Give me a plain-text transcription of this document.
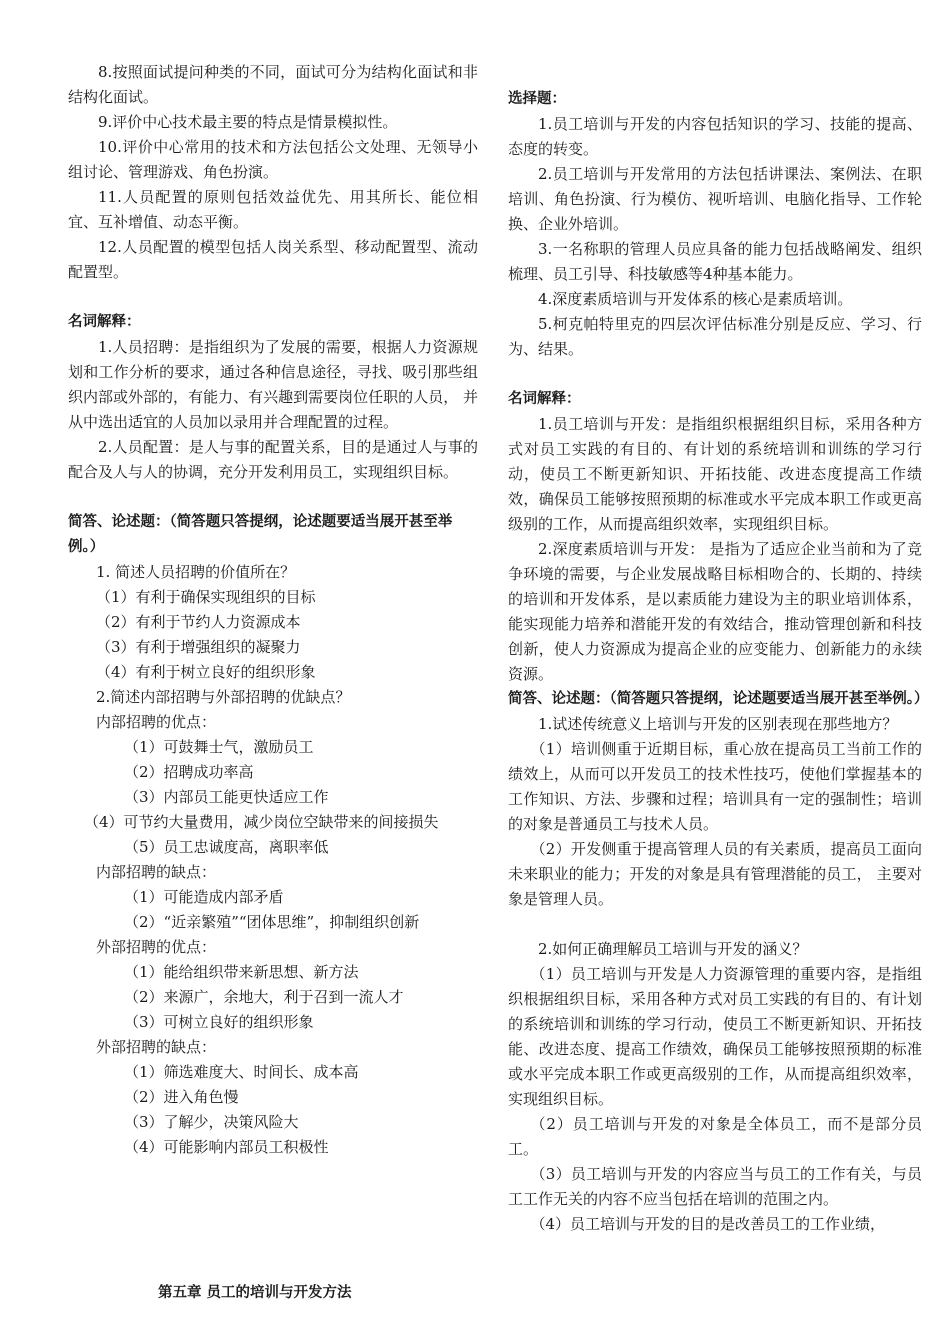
8.按照面试提问种类的不同，面试可分为结构化面试和非结构化面试。

9.评价中心技术最主要的特点是情景模拟性。

10.评价中心常用的技术和方法包括公文处理、无领导小组讨论、管理游戏、角色扮演。

11.人员配置的原则包括效益优先、用其所长、能位相宜、互补增值、动态平衡。

12.人员配置的模型包括人岗关系型、移动配置型、流动配置型。

名词解释：

1.人员招聘：是指组织为了发展的需要，根据人力资源规划和工作分析的要求，通过各种信息途径，寻找、吸引那些组织内部或外部的，有能力、有兴趣到需要岗位任职的人员， 并从中选出适宜的人员加以录用并合理配置的过程。

2.人员配置：是人与事的配置关系，目的是通过人与事的配合及人与人的协调，充分开发利用员工，实现组织目标。

简答、论述题：（简答题只答提纲，论述题要适当展开甚至举例。）

1. 简述人员招聘的价值所在？

（1）有利于确保实现组织的目标

（2）有利于节约人力资源成本

（3）有利于增强组织的凝聚力

（4）有利于树立良好的组织形象

2.简述内部招聘与外部招聘的优缺点？

内部招聘的优点：

（1）可鼓舞士气，激励员工

（2）招聘成功率高

（3）内部员工能更快适应工作

（4）可节约大量费用，减少岗位空缺带来的间接损失

（5）员工忠诚度高，离职率低

内部招聘的缺点：

（1）可能造成内部矛盾

（2）“近亲繁殖”“团体思维”，抑制组织创新

外部招聘的优点：

（1）能给组织带来新思想、新方法

（2）来源广，余地大，利于召到一流人才

（3）可树立良好的组织形象

外部招聘的缺点：

（1）筛选难度大、时间长、成本高

（2）进入角色慢

（3）了解少，决策风险大

（4）可能影响内部员工积极性

第五章 员工的培训与开发方法

选择题：

1.员工培训与开发的内容包括知识的学习、技能的提高、态度的转变。

2.员工培训与开发常用的方法包括讲课法、案例法、在职培训、角色扮演、行为模仿、视听培训、电脑化指导、工作轮换、企业外培训。

3.一名称职的管理人员应具备的能力包括战略阐发、组织梳理、员工引导、科技敏感等4种基本能力。

4.深度素质培训与开发体系的核心是素质培训。

5.柯克帕特里克的四层次评估标准分别是反应、学习、行为、结果。

名词解释：

1.员工培训与开发：是指组织根据组织目标，采用各种方式对员工实践的有目的、有计划的系统培训和训练的学习行动，使员工不断更新知识、开拓技能、改进态度提高工作绩效，确保员工能够按照预期的标准或水平完成本职工作或更高级别的工作，从而提高组织效率，实现组织目标。

2.深度素质培训与开发： 是指为了适应企业当前和为了竞争环境的需要，与企业发展战略目标相吻合的、长期的、持续的培训和开发体系，是以素质能力建设为主的职业培训体系，能实现能力培养和潜能开发的有效结合，推动管理创新和科技创新，使人力资源成为提高企业的应变能力、创新能力的永续资源。

简答、论述题：（简答题只答提纲，论述题要适当展开甚至举例。）

1.试述传统意义上培训与开发的区别表现在那些地方？

（1）培训侧重于近期目标，重心放在提高员工当前工作的绩效上，从而可以开发员工的技术性技巧，使他们掌握基本的工作知识、方法、步骤和过程；培训具有一定的强制性；培训的对象是普通员工与技术人员。

（2）开发侧重于提高管理人员的有关素质，提高员工面向未来职业的能力；开发的对象是具有管理潜能的员工， 主要对象是管理人员。

2.如何正确理解员工培训与开发的涵义？

（1）员工培训与开发是人力资源管理的重要内容，是指组织根据组织目标，采用各种方式对员工实践的有目的、有计划的系统培训和训练的学习行动，使员工不断更新知识、开拓技能、改进态度、提高工作绩效，确保员工能够按照预期的标准或水平完成本职工作或更高级别的工作，从而提高组织效率，实现组织目标。

（2）员工培训与开发的对象是全体员工，而不是部分员工。

（3）员工培训与开发的内容应当与员工的工作有关，与员工工作无关的内容不应当包括在培训的范围之内。

（4）员工培训与开发的目的是改善员工的工作业绩，
